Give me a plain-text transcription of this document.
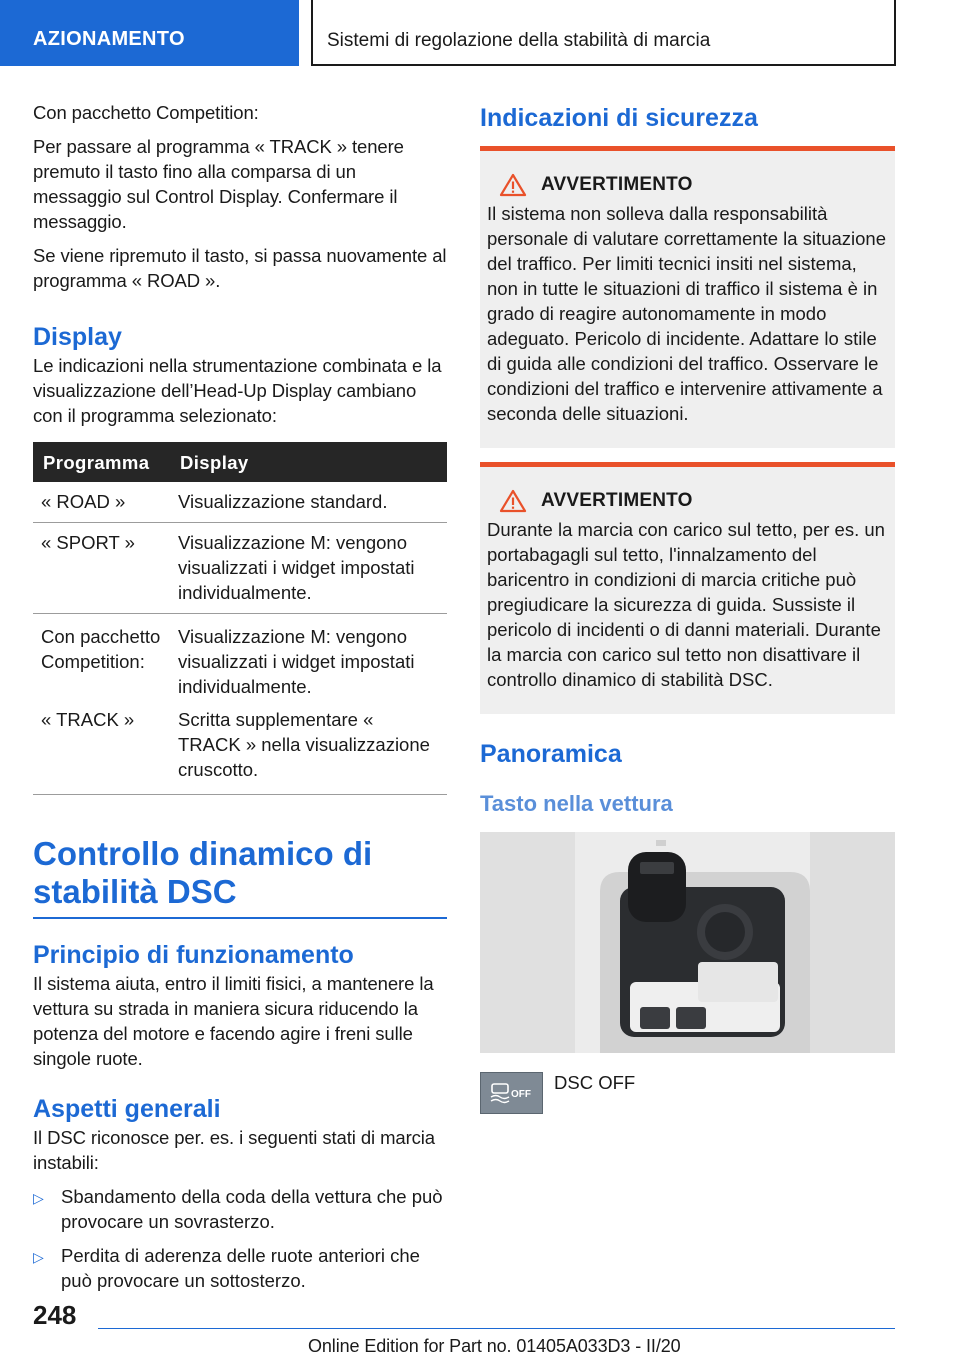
AZIONAMENTO	Sistemi di regolazione della stabilità di marcia

Con pacchetto Competition:

Per passare al programma « TRACK » tenere premuto il tasto fino alla comparsa di un messaggio sul Control Display. Confermare il messaggio.

Se viene ripremuto il tasto, si passa nuovamente al programma « ROAD ».

Display

Le indicazioni nella strumentazione combinata e la visualizzazione dell’Head-Up Display cambiano con il programma selezionato:

Programma	Display
« ROAD »	Visualizzazione standard.
« SPORT »	Visualizzazione M: vengono visualizzati i widget impostati individualmente.
Con pacchetto Competition:	Visualizzazione M: vengono visualizzati i widget impostati individualmente.
« TRACK »	Scritta supplementare « TRACK » nella visualizzazione cruscotto.
Controllo dinamico di stabilità DSC
Principio di funzionamento

Il sistema aiuta, entro il limiti fisici, a mantenere la vettura su strada in maniera sicura riducendo la potenza del motore e facendo agire i freni sulle singole ruote.

Aspetti generali

Il DSC riconosce per. es. i seguenti stati di marcia instabili:

▷ Sbandamento della coda della vettura che può provocare un sovrasterzo.
▷ Perdita di aderenza delle ruote anteriori che può provocare un sottosterzo.
Indicazioni di sicurezza
AVVERTIMENTO

Il sistema non solleva dalla responsabilità personale di valutare correttamente la situazione del traffico. Per limiti tecnici insiti nel sistema, non in tutte le situazioni di traffico il sistema è in grado di reagire autonomamente in modo adeguato. Pericolo di incidente. Adattare lo stile di guida alle condizioni del traffico. Osservare le condizioni del traffico e intervenire attivamente a seconda delle situazioni.

AVVERTIMENTO

Durante la marcia con carico sul tetto, per es. un portabagagli sul tetto, l'innalzamento del baricentro in condizioni di marcia critiche può pregiudicare la sicurezza di guida. Sussiste il pericolo di incidenti o di danni materiali. Durante la marcia con carico sul tetto non disattivare il controllo dinamico di stabilità DSC.

Panoramica
Tasto nella vettura
OFF
DSC OFF
248
Online Edition for Part no. 01405A033D3 - II/20
